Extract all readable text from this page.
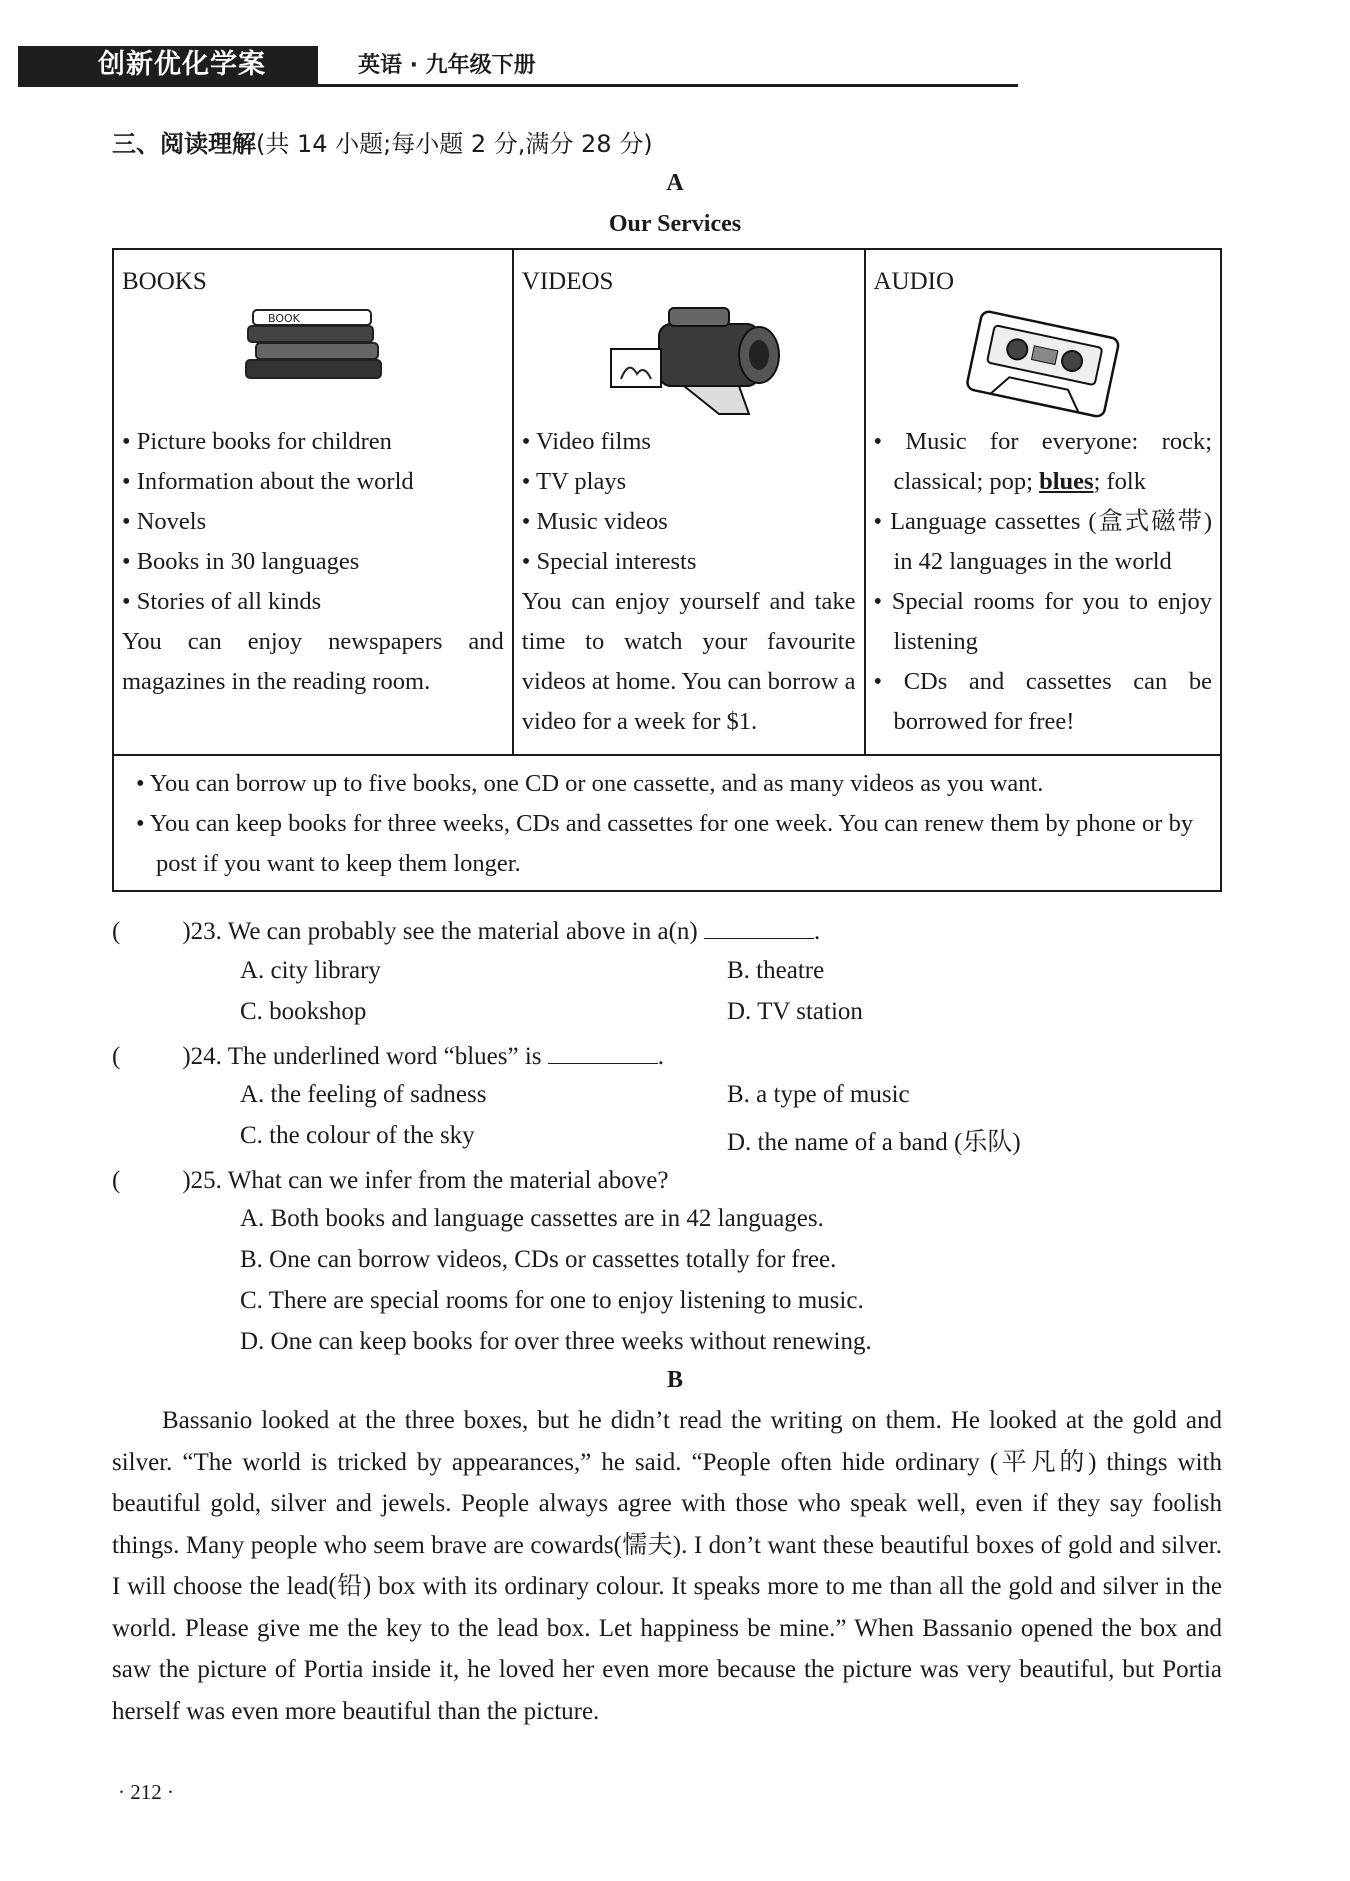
创新优化学案	英语 · 九年级下册
三、阅读理解(共 14 小题;每小题 2 分,满分 28 分)
A
Our Services
BOOKS
BOOK
• Picture books for children
• Information about the world
• Novels
• Books in 30 languages
• Stories of all kinds
You can enjoy newspapers and magazines in the reading room.

VIDEOS
• Video films
• TV plays
• Music videos
• Special interests
You can enjoy yourself and take time to watch your favourite videos at home. You can borrow a video for a week for $1.

AUDIO
• Music for everyone: rock; classical; pop; blues; folk
• Language cassettes (盒式磁带) in 42 languages in the world
• Special rooms for you to enjoy listening
• CDs and cassettes can be borrowed for free!

• You can borrow up to five books, one CD or one cassette, and as many videos as you want.
• You can keep books for three weeks, CDs and cassettes for one week. You can renew them by phone or by post if you want to keep them longer.
( )23. We can probably see the material above in a(n)	.
A. city library	B. theatre
C. bookshop	D. TV station
( )24. The underlined word “blues” is	.
A. the feeling of sadness	B. a type of music
C. the colour of the sky	D. the name of a band (乐队)
( )25. What can we infer from the material above?
A. Both books and language cassettes are in 42 languages.
B. One can borrow videos, CDs or cassettes totally for free.
C. There are special rooms for one to enjoy listening to music.
D. One can keep books for over three weeks without renewing.
B
Bassanio looked at the three boxes, but he didn’t read the writing on them. He looked at the gold and silver. “The world is tricked by appearances,” he said. “People often hide ordinary (平凡的) things with beautiful gold, silver and jewels. People always agree with those who speak well, even if they say foolish things. Many people who seem brave are cowards(懦夫). I don’t want these beautiful boxes of gold and silver. I will choose the lead(铅) box with its ordinary colour. It speaks more to me than all the gold and silver in the world. Please give me the key to the lead box. Let happiness be mine.” When Bassanio opened the box and saw the picture of Portia inside it, he loved her even more because the picture was very beautiful, but Portia herself was even more beautiful than the picture.
· 212 ·
